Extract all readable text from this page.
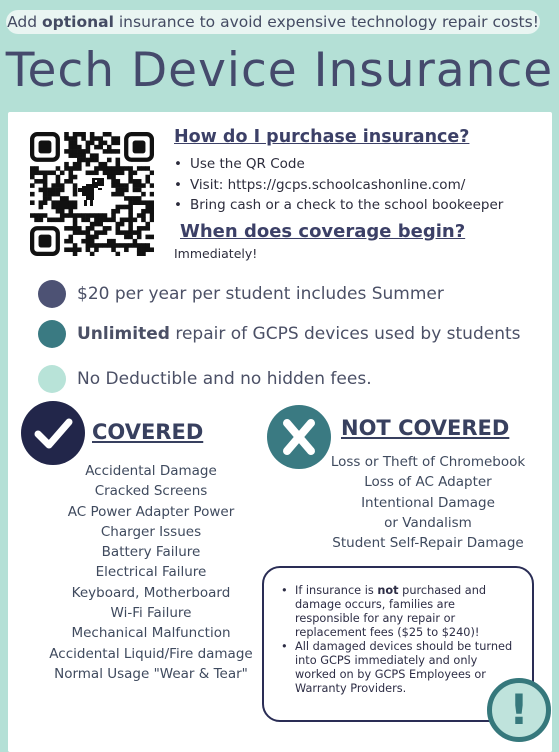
Add optional insurance to avoid expensive technology repair costs!
Tech Device Insurance
How do I purchase insurance?
• Use the QR Code
• Visit: https://gcps.schoolcashonline.com/
• Bring cash or a check to the school bookeeper
When does coverage begin?
Immediately!
$20 per year per student includes Summer
Unlimited repair of GCPS devices used by students
No Deductible and no hidden fees.
COVERED	NOT COVERED
Accidental Damage
Cracked Screens
AC Power Adapter Power
Charger Issues
Battery Failure
Electrical Failure
Keyboard, Motherboard
Wi-Fi Failure
Mechanical Malfunction
Accidental Liquid/Fire damage
Normal Usage "Wear & Tear"
Loss or Theft of Chromebook
Loss of AC Adapter
Intentional Damage or Vandalism
Student Self-Repair Damage
• If insurance is not purchased and damage occurs, families are responsible for any repair or replacement fees ($25 to $240)!
• All damaged devices should be turned into GCPS immediately and only worked on by GCPS Employees or Warranty Providers.	!
